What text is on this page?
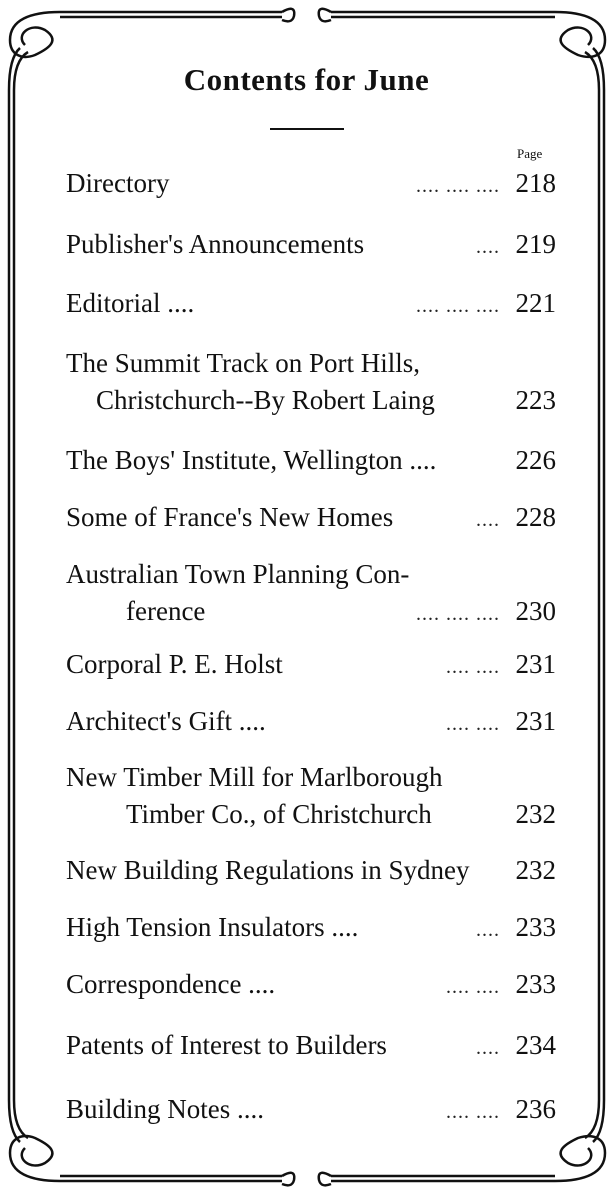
Contents for June
Page
Directory	.... .... .... 218
Publisher's Announcements	.... 219
Editorial ....	.... .... .... 221
The Summit Track on Port Hills,
Christchurch--By Robert Laing	223
The Boys' Institute, Wellington ....	226
Some of France's New Homes	.... 228
Australian Town Planning Con-
ference	.... .... .... 230
Corporal P. E. Holst	.... .... 231
Architect's Gift ....	.... .... 231
New Timber Mill for Marlborough
Timber Co., of Christchurch	232
New Building Regulations in Sydney	232
High Tension Insulators ....	.... 233
Correspondence ....	.... .... 233
Patents of Interest to Builders	.... 234
Building Notes ....	.... .... 236
